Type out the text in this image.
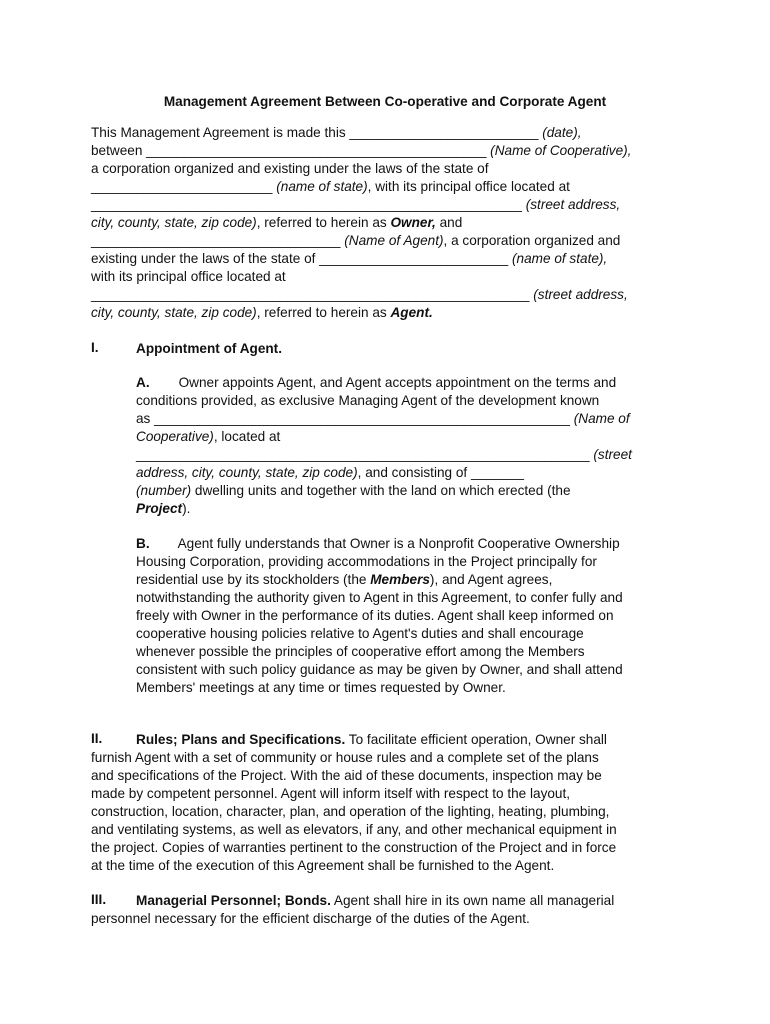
Management Agreement Between Co-operative and Corporate Agent
This Management Agreement is made this _________________________ (date),
between _____________________________________________ (Name of Cooperative),
a corporation organized and existing under the laws of the state of
________________________ (name of state), with its principal office located at
_________________________________________________________ (street address,
city, county, state, zip code), referred to herein as Owner, and
_________________________________ (Name of Agent), a corporation organized and
existing under the laws of the state of _________________________ (name of state),
with its principal office located at
__________________________________________________________ (street address,
city, county, state, zip code), referred to herein as Agent.
I.	Appointment of Agent.
A. Owner appoints Agent, and Agent accepts appointment on the terms and
conditions provided, as exclusive Managing Agent of the development known
as _______________________________________________________ (Name of
Cooperative), located at
____________________________________________________________ (street
address, city, county, state, zip code), and consisting of _______
(number) dwelling units and together with the land on which erected (the
Project).
B. Agent fully understands that Owner is a Nonprofit Cooperative Ownership
Housing Corporation, providing accommodations in the Project principally for
residential use by its stockholders (the Members), and Agent agrees,
notwithstanding the authority given to Agent in this Agreement, to confer fully and
freely with Owner in the performance of its duties. Agent shall keep informed on
cooperative housing policies relative to Agent's duties and shall encourage
whenever possible the principles of cooperative effort among the Members
consistent with such policy guidance as may be given by Owner, and shall attend
Members' meetings at any time or times requested by Owner.
II. Rules; Plans and Specifications. To facilitate efficient operation, Owner shall
furnish Agent with a set of community or house rules and a complete set of the plans
and specifications of the Project. With the aid of these documents, inspection may be
made by competent personnel. Agent will inform itself with respect to the layout,
construction, location, character, plan, and operation of the lighting, heating, plumbing,
and ventilating systems, as well as elevators, if any, and other mechanical equipment in
the project. Copies of warranties pertinent to the construction of the Project and in force
at the time of the execution of this Agreement shall be furnished to the Agent.
III. Managerial Personnel; Bonds. Agent shall hire in its own name all managerial
personnel necessary for the efficient discharge of the duties of the Agent.
